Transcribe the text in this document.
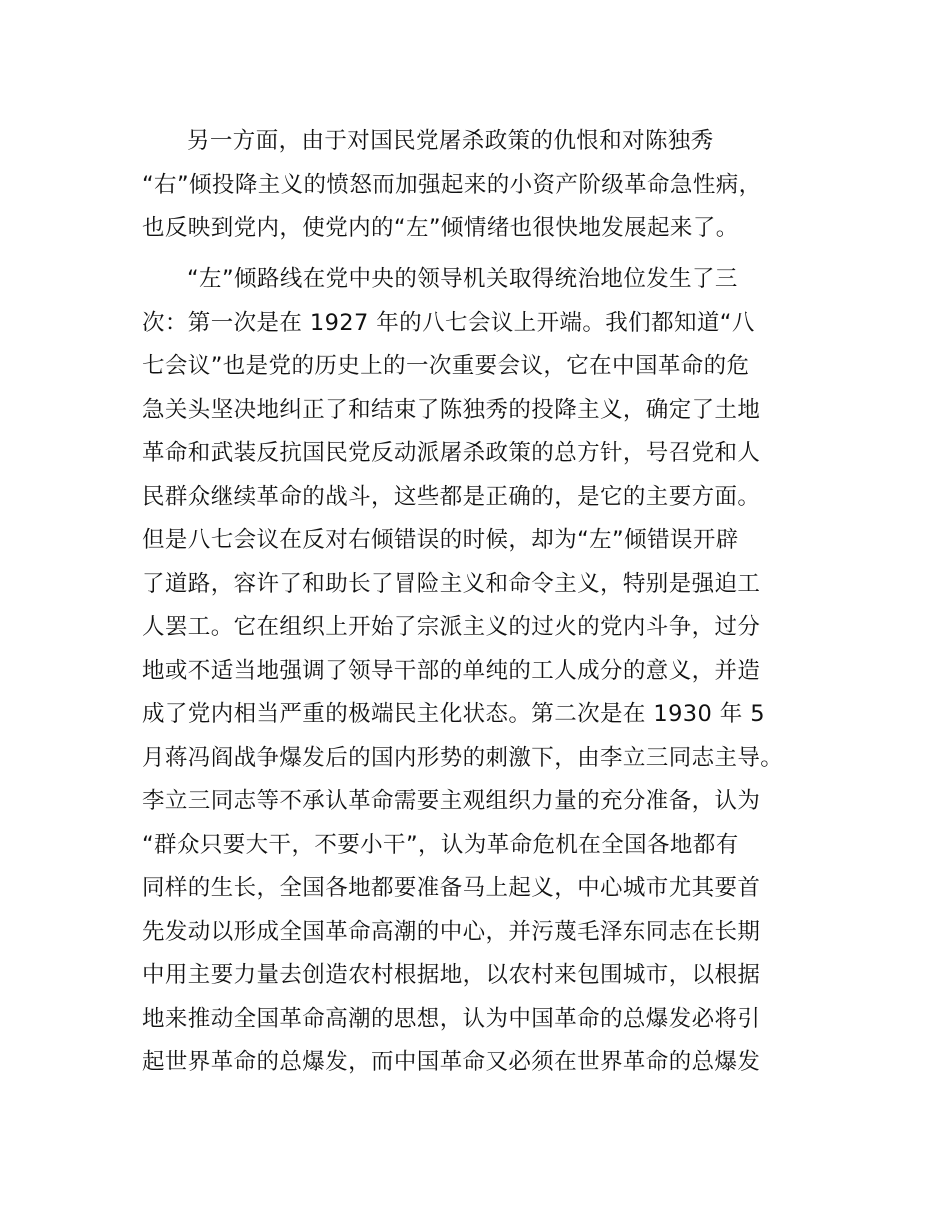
另一方面，由于对国民党屠杀政策的仇恨和对陈独秀
“右”倾投降主义的愤怒而加强起来的小资产阶级革命急性病，
也反映到党内，使党内的“左”倾情绪也很快地发展起来了。
“左”倾路线在党中央的领导机关取得统治地位发生了三
次：第一次是在 1927 年的八七会议上开端。我们都知道“八
七会议”也是党的历史上的一次重要会议，它在中国革命的危
急关头坚决地纠正了和结束了陈独秀的投降主义，确定了土地
革命和武装反抗国民党反动派屠杀政策的总方针，号召党和人
民群众继续革命的战斗，这些都是正确的，是它的主要方面。
但是八七会议在反对右倾错误的时候，却为“左”倾错误开辟
了道路，容许了和助长了冒险主义和命令主义，特别是强迫工
人罢工。它在组织上开始了宗派主义的过火的党内斗争，过分
地或不适当地强调了领导干部的单纯的工人成分的意义，并造
成了党内相当严重的极端民主化状态。第二次是在 1930 年 5
月蒋冯阎战争爆发后的国内形势的刺激下，由李立三同志主导。
李立三同志等不承认革命需要主观组织力量的充分准备，认为
“群众只要大干，不要小干”，认为革命危机在全国各地都有
同样的生长，全国各地都要准备马上起义，中心城市尤其要首
先发动以形成全国革命高潮的中心，并污蔑毛泽东同志在长期
中用主要力量去创造农村根据地，以农村来包围城市，以根据
地来推动全国革命高潮的思想，认为中国革命的总爆发必将引
起世界革命的总爆发，而中国革命又必须在世界革命的总爆发
